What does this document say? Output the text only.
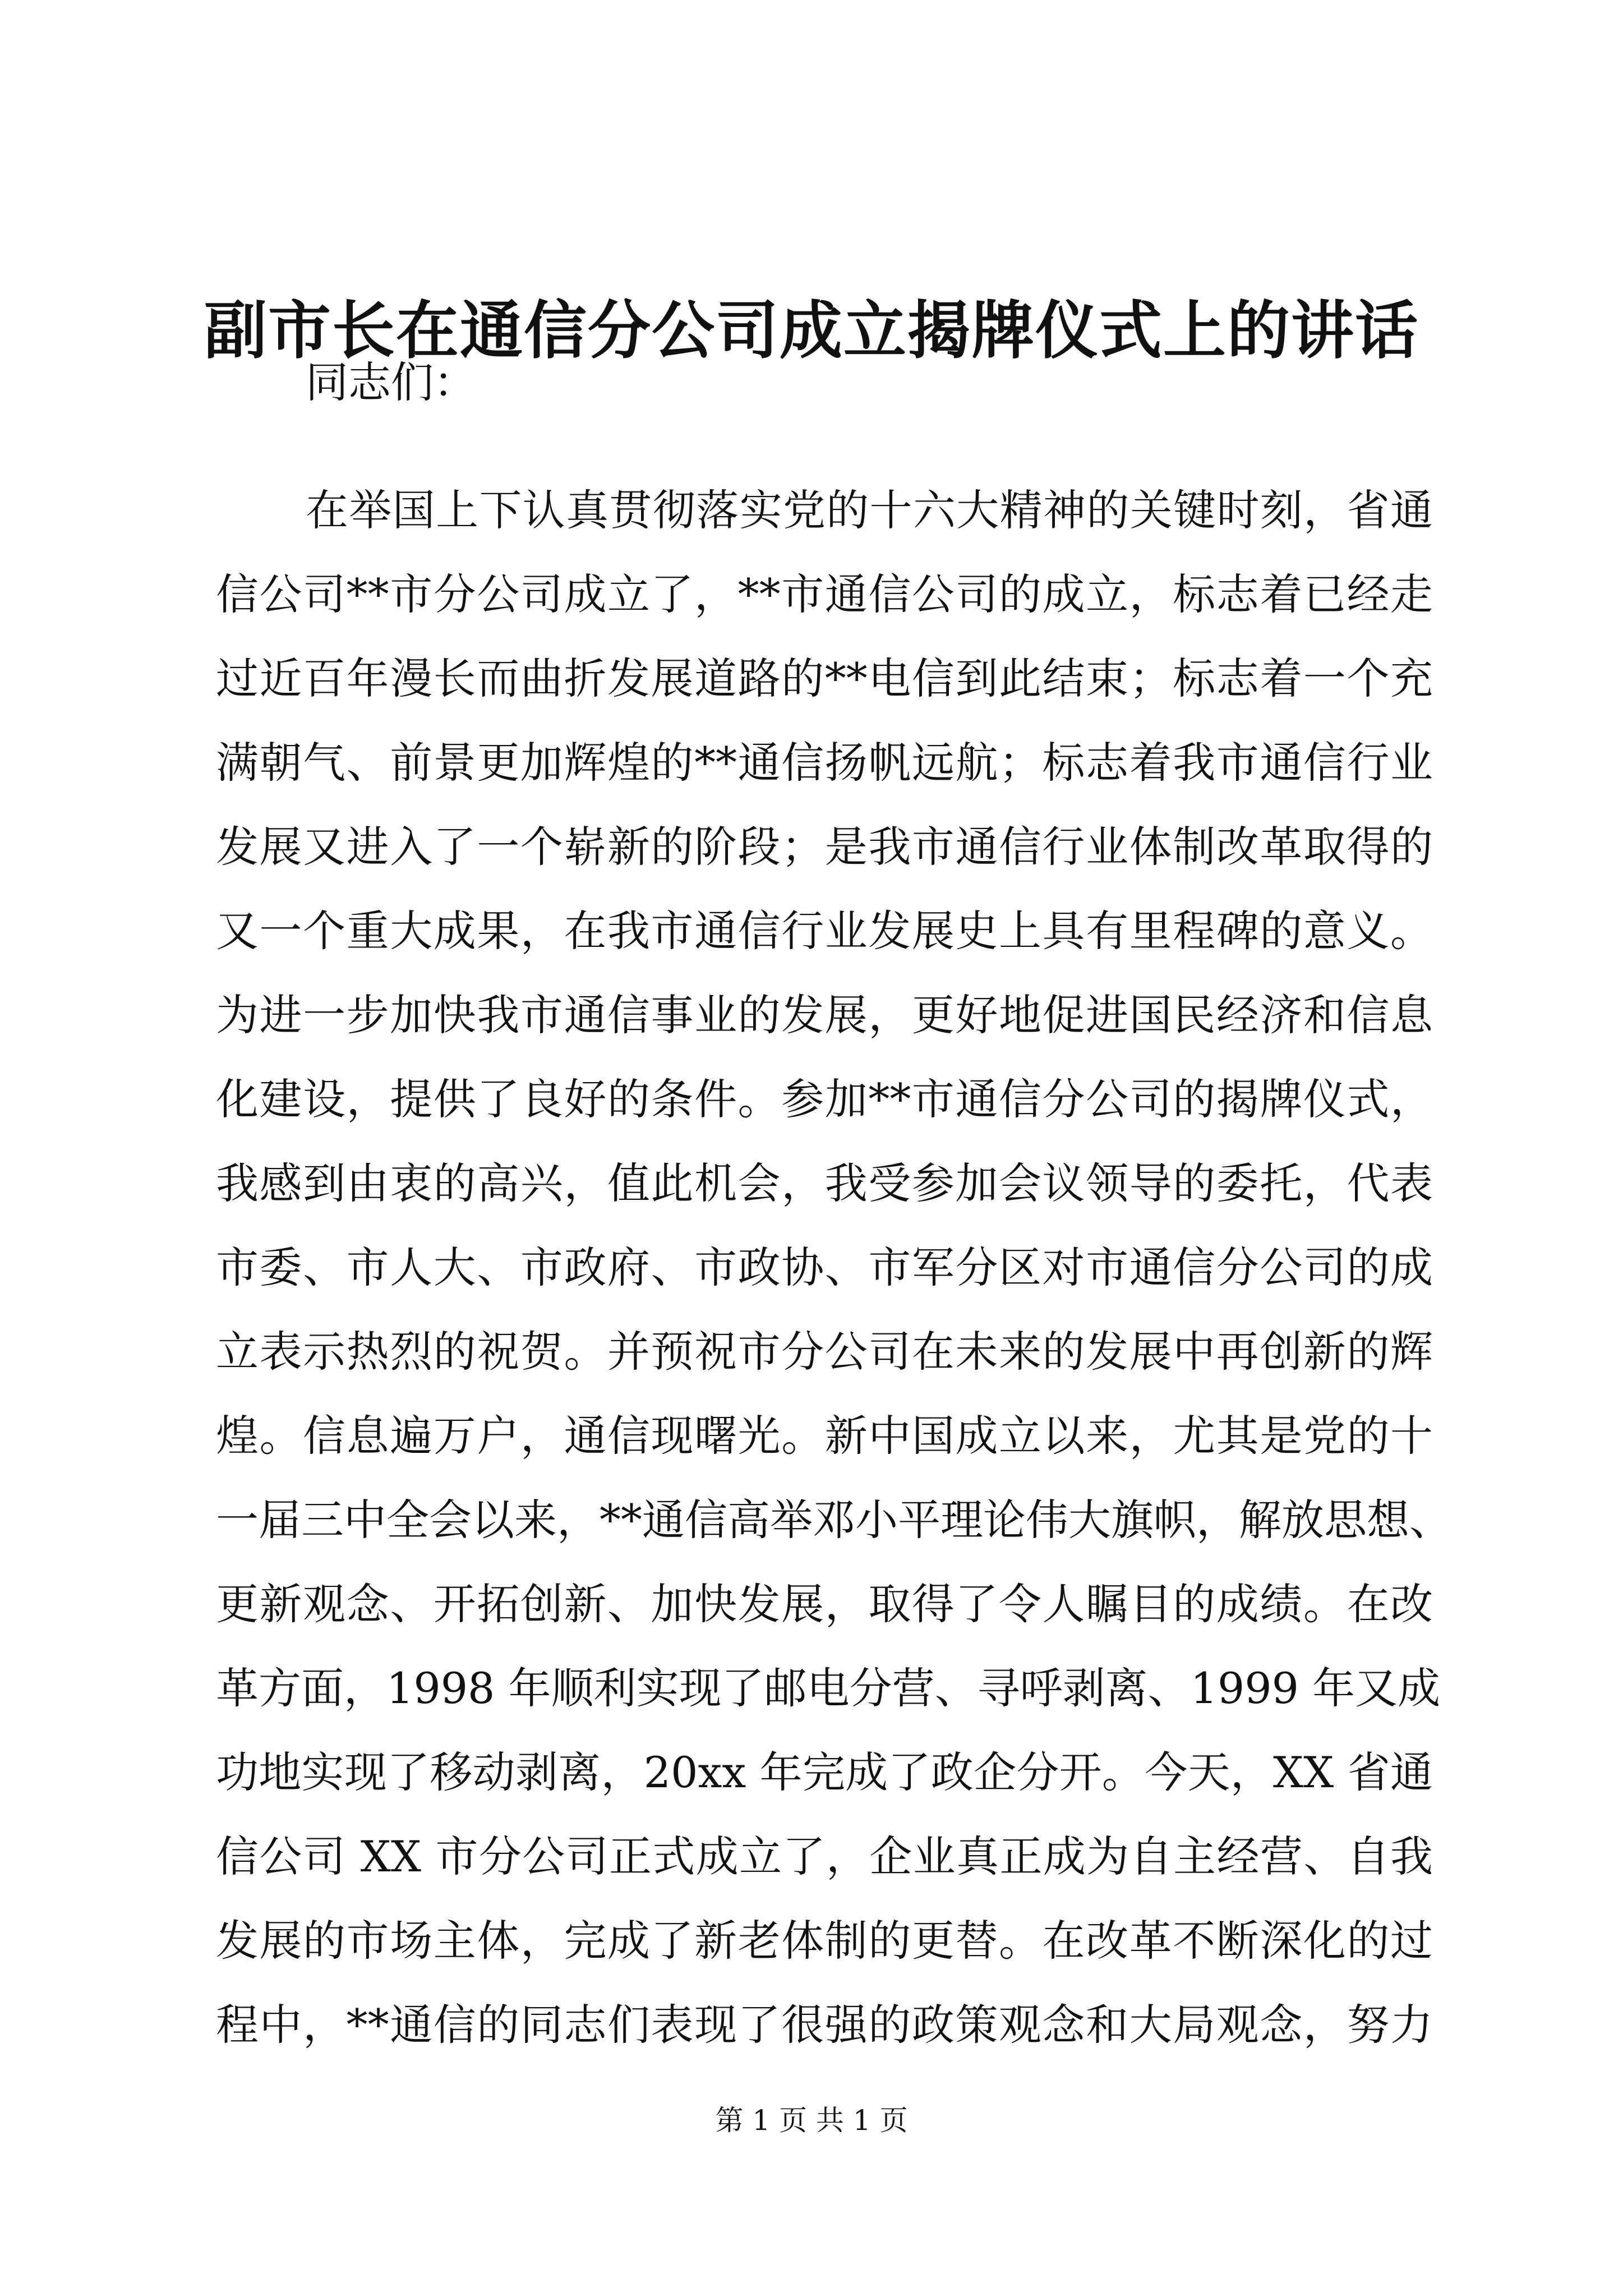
副市长在通信分公司成立揭牌仪式上的讲话
同志们：
在举国上下认真贯彻落实党的十六大精神的关键时刻，省通
信公司**市分公司成立了，**市通信公司的成立，标志着已经走
过近百年漫长而曲折发展道路的**电信到此结束；标志着一个充
满朝气、前景更加辉煌的**通信扬帆远航；标志着我市通信行业
发展又进入了一个崭新的阶段；是我市通信行业体制改革取得的
又一个重大成果，在我市通信行业发展史上具有里程碑的意义。
为进一步加快我市通信事业的发展，更好地促进国民经济和信息
化建设，提供了良好的条件。参加**市通信分公司的揭牌仪式，
我感到由衷的高兴，值此机会，我受参加会议领导的委托，代表
市委、市人大、市政府、市政协、市军分区对市通信分公司的成
立表示热烈的祝贺。并预祝市分公司在未来的发展中再创新的辉
煌。信息遍万户，通信现曙光。新中国成立以来，尤其是党的十
一届三中全会以来，**通信高举邓小平理论伟大旗帜，解放思想、
更新观念、开拓创新、加快发展，取得了令人瞩目的成绩。在改
革方面，1998 年顺利实现了邮电分营、寻呼剥离、1999 年又成
功地实现了移动剥离，20xx 年完成了政企分开。今天，XX 省通
信公司 XX 市分公司正式成立了，企业真正成为自主经营、自我
发展的市场主体，完成了新老体制的更替。在改革不断深化的过
程中，**通信的同志们表现了很强的政策观念和大局观念，努力
第 1 页 共 1 页
